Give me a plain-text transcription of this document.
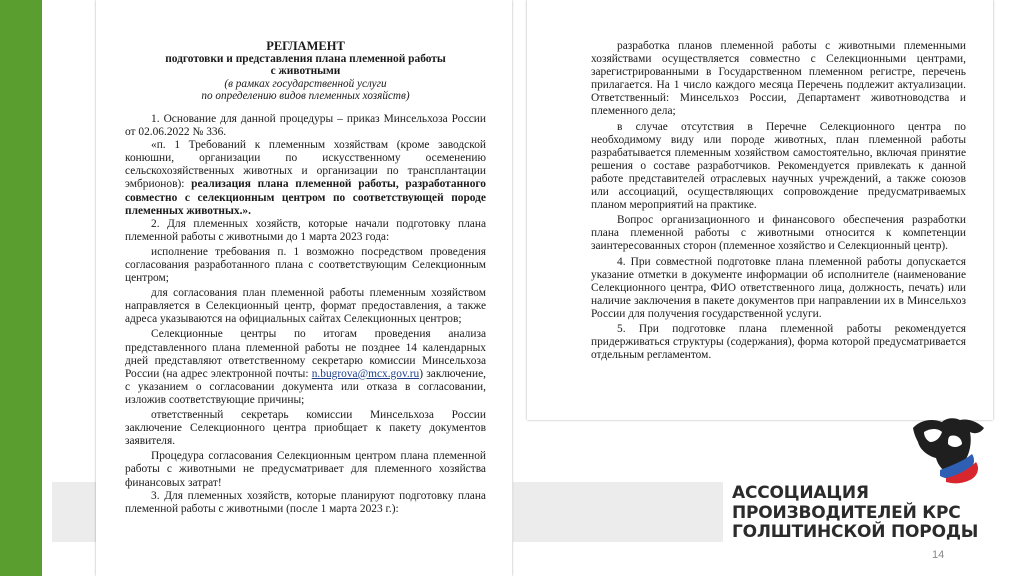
РЕГЛАМЕНТ
подготовки и представления плана племенной работы
с животными
(в рамках государственной услуги
по определению видов племенных хозяйств)

1. Основание для данной процедуры – приказ Минсельхоза России от 02.06.2022 № 336.

«п. 1 Требований к племенным хозяйствам (кроме заводской конюшни, организации по искусственному осеменению сельскохозяйственных животных и организации по трансплантации эмбрионов): реализация плана племенной работы, разработанного совместно с селекционным центром по соответствующей породе племенных животных.».

2. Для племенных хозяйств, которые начали подготовку плана племенной работы с животными до 1 марта 2023 года:

исполнение требования п. 1 возможно посредством проведения согласования разработанного плана с соответствующим Селекционным центром;

для согласования план племенной работы племенным хозяйством направляется в Селекционный центр, формат предоставления, а также адреса указываются на официальных сайтах Селекционных центров;

Селекционные центры по итогам проведения анализа представленного плана племенной работы не позднее 14 календарных дней представляют ответственному секретарю комиссии Минсельхоза России (на адрес электронной почты: n.bugrova@mcx.gov.ru) заключение, с указанием о согласовании документа или отказа в согласовании, изложив соответствующие причины;

ответственный секретарь комиссии Минсельхоза России заключение Селекционного центра приобщает к пакету документов заявителя.

Процедура согласования Селекционным центром плана племенной работы с животными не предусматривает для племенного хозяйства финансовых затрат!

3. Для племенных хозяйств, которые планируют подготовку плана племенной работы с животными (после 1 марта 2023 г.):

разработка планов племенной работы с животными племенными хозяйствами осуществляется совместно с Селекционными центрами, зарегистрированными в Государственном племенном регистре, перечень прилагается. На 1 число каждого месяца Перечень подлежит актуализации. Ответственный: Минсельхоз России, Департамент животноводства и племенного дела;

в случае отсутствия в Перечне Селекционного центра по необходимому виду или породе животных, план племенной работы разрабатывается племенным хозяйством самостоятельно, включая принятие решения о составе разработчиков. Рекомендуется привлекать к данной работе представителей отраслевых научных учреждений, а также союзов или ассоциаций, осуществляющих сопровождение предусматриваемых планом мероприятий на практике.

Вопрос организационного и финансового обеспечения разработки плана племенной работы с животными относится к компетенции заинтересованных сторон (племенное хозяйство и Селекционный центр).

4. При совместной подготовке плана племенной работы допускается указание отметки в документе информации об исполнителе (наименование Селекционного центра, ФИО ответственного лица, должность, печать) или наличие заключения в пакете документов при направлении их в Минсельхоз России для получения государственной услуги.

5. При подготовке плана племенной работы рекомендуется придерживаться структуры (содержания), форма которой предусматривается отдельным регламентом.

АССОЦИАЦИЯ
ПРОИЗВОДИТЕЛЕЙ КРС
ГОЛШТИНСКОЙ ПОРОДЫ
14
